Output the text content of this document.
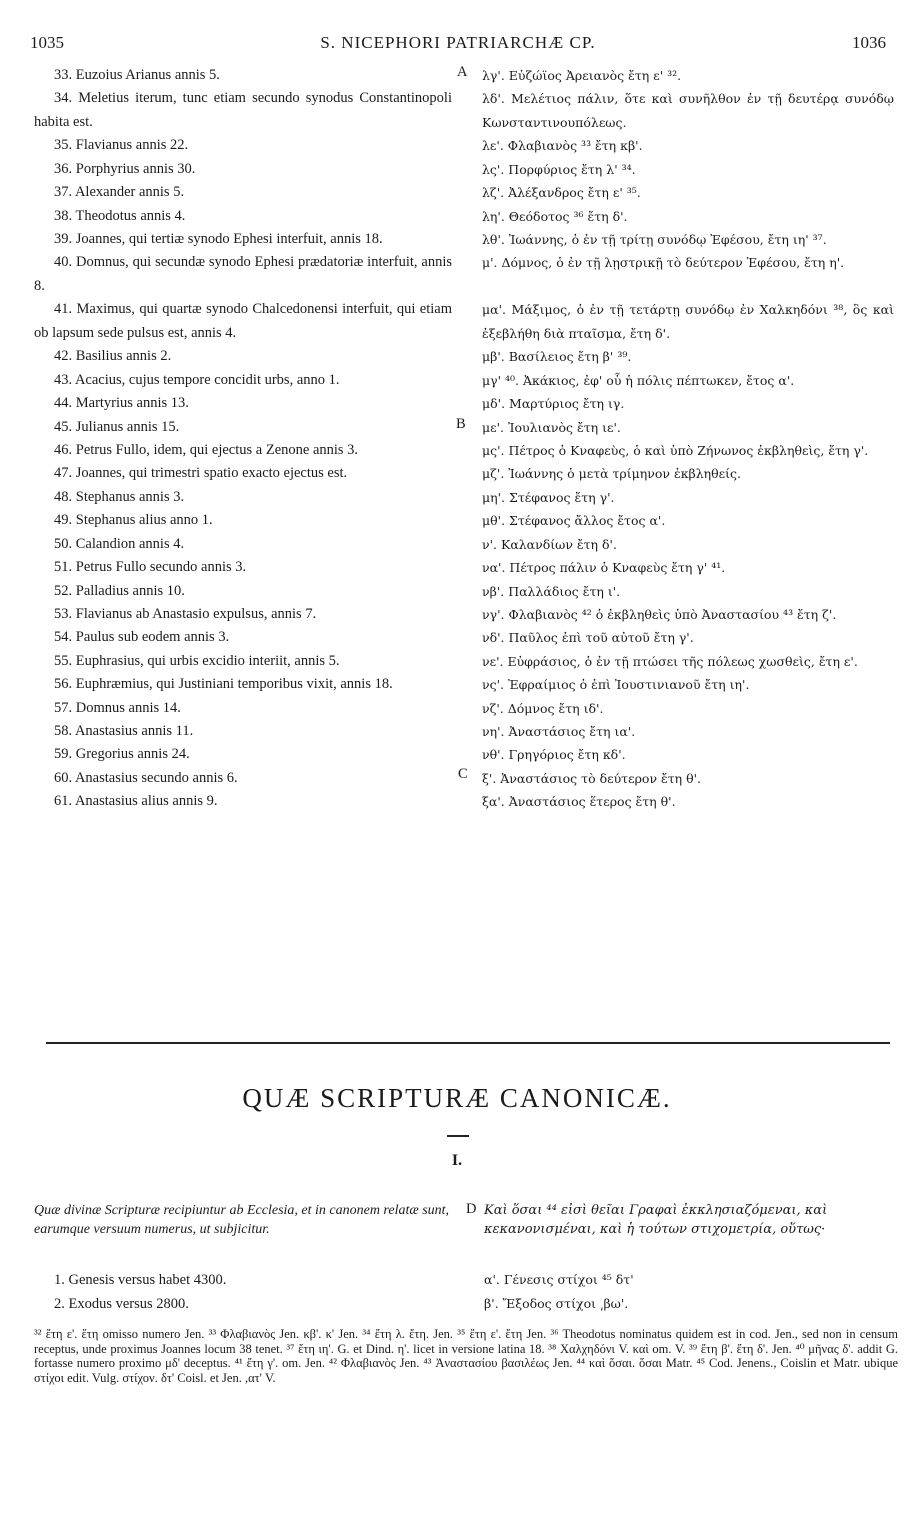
1035	S. NICEPHORI PATRIARCHÆ CP.	1036
A
B
C
D
33. Euzoius Arianus annis 5.
34. Meletius iterum, tunc etiam secundo synodus Constantinopoli habita est.
35. Flavianus annis 22.
36. Porphyrius annis 30.
37. Alexander annis 5.
38. Theodotus annis 4.
39. Joannes, qui tertiæ synodo Ephesi interfuit, annis 18.
40. Domnus, qui secundæ synodo Ephesi prædatoriæ interfuit, annis 8.
41. Maximus, qui quartæ synodo Chalcedonensi interfuit, qui etiam ob lapsum sede pulsus est, annis 4.
42. Basilius annis 2.
43. Acacius, cujus tempore concidit urbs, anno 1.
44. Martyrius annis 13.
45. Julianus annis 15.
46. Petrus Fullo, idem, qui ejectus a Zenone annis 3.
47. Joannes, qui trimestri spatio exacto ejectus est.
48. Stephanus annis 3.
49. Stephanus alius anno 1.
50. Calandion annis 4.
51. Petrus Fullo secundo annis 3.
52. Palladius annis 10.
53. Flavianus ab Anastasio expulsus, annis 7.
54. Paulus sub eodem annis 3.
55. Euphrasius, qui urbis excidio interiit, annis 5.
56. Euphræmius, qui Justiniani temporibus vixit, annis 18.
57. Domnus annis 14.
58. Anastasius annis 11.
59. Gregorius annis 24.
60. Anastasius secundo annis 6.
61. Anastasius alius annis 9.
λγ'. Εὐζώϊος Ἀρειανὸς ἔτη ε' ³².
λδ'. Μελέτιος πάλιν, ὅτε καὶ συνῆλθον ἐν τῇ δευτέρᾳ συνόδῳ Κωνσταντινουπόλεως.
λε'. Φλαβιανὸς ³³ ἔτη κβ'.
λς'. Πορφύριος ἔτη λ' ³⁴.
λζ'. Ἀλέξανδρος ἔτη ε' ³⁵.
λη'. Θεόδοτος ³⁶ ἔτη δ'.
λθ'. Ἰωάννης, ὁ ἐν τῇ τρίτῃ συνόδῳ Ἐφέσου, ἔτη ιη' ³⁷.
μ'. Δόμνος, ὁ ἐν τῇ λῃστρικῇ τὸ δεύτερον Ἐφέσου, ἔτη η'.
μα'. Μάξιμος, ὁ ἐν τῇ τετάρτῃ συνόδῳ ἐν Χαλκηδόνι ³⁸, ὃς καὶ ἐξεβλήθη διὰ πταῖσμα, ἔτη δ'.
μβ'. Βασίλειος ἔτη β' ³⁹.
μγ' ⁴⁰. Ἀκάκιος, ἐφ' οὗ ἡ πόλις πέπτωκεν, ἔτος α'.
μδ'. Μαρτύριος ἔτη ιγ.
με'. Ἰουλιανὸς ἔτη ιε'.
μς'. Πέτρος ὁ Κναφεὺς, ὁ καὶ ὑπὸ Ζήνωνος ἐκβληθεὶς, ἔτη γ'.
μζ'. Ἰωάννης ὁ μετὰ τρίμηνον ἐκβληθείς.
μη'. Στέφανος ἔτη γ'.
μθ'. Στέφανος ἄλλος ἔτος α'.
ν'. Καλανδίων ἔτη δ'.
να'. Πέτρος πάλιν ὁ Κναφεὺς ἔτη γ' ⁴¹.
νβ'. Παλλάδιος ἔτη ι'.
νγ'. Φλαβιανὸς ⁴² ὁ ἐκβληθεὶς ὑπὸ Ἀναστασίου ⁴³ ἔτη ζ'.
νδ'. Παῦλος ἐπὶ τοῦ αὐτοῦ ἔτη γ'.
νε'. Εὐφράσιος, ὁ ἐν τῇ πτώσει τῆς πόλεως χωσθεὶς, ἔτη ε'.
νς'. Ἐφραίμιος ὁ ἐπὶ Ἰουστινιανοῦ ἔτη ιη'.
νζ'. Δόμνος ἔτη ιδ'.
νη'. Ἀναστάσιος ἔτη ια'.
νθ'. Γρηγόριος ἔτη κδ'.
ξ'. Ἀναστάσιος τὸ δεύτερον ἔτη θ'.
ξα'. Ἀναστάσιος ἕτερος ἔτη θ'.
QUÆ SCRIPTURÆ CANONICÆ.
I.
Quæ divinæ Scripturæ recipiuntur ab Ecclesia, et in canonem relatæ sunt, earumque versuum numerus, ut subjicitur.
Καὶ ὅσαι ⁴⁴ εἰσὶ θεῖαι Γραφαὶ ἐκκλησιαζόμεναι, καὶ κεκανονισμέναι, καὶ ἡ τούτων στιχομετρία, οὕτως·
1. Genesis versus habet 4300.
2. Exodus versus 2800.
α'. Γένεσις στίχοι ⁴⁵ δτ'
β'. Ἔξοδος στίχοι ͵βω'.
³² ἔτη ε'. ἔτη omisso numero Jen. ³³ Φλαβιανὸς Jen. κβ'. κ' Jen. ³⁴ ἔτη λ. ἔτη. Jen. ³⁵ ἔτη ε'. ἔτη Jen. ³⁶ Theodotus nominatus quidem est in cod. Jen., sed non in censum receptus, unde proximus Joannes locum 38 tenet. ³⁷ ἔτη ιη'. G. et Dind. η'. licet in versione latina 18. ³⁸ Χαλχηδόνι V. καὶ om. V. ³⁹ ἔτη β'. ἔτη δ'. Jen. ⁴⁰ μῆνας δ'. addit G. fortasse numero proximo μδ' deceptus. ⁴¹ ἔτη γ'. om. Jen. ⁴² Φλαβιανὸς Jen. ⁴³ Ἀναστασίου βασιλέως Jen. ⁴⁴ καὶ ὅσαι. ὅσαι Matr. ⁴⁵ Cod. Jenens., Coislin et Matr. ubique στίχοι edit. Vulg. στίχον. δτ' Coisl. et Jen. ,ατ' V.
